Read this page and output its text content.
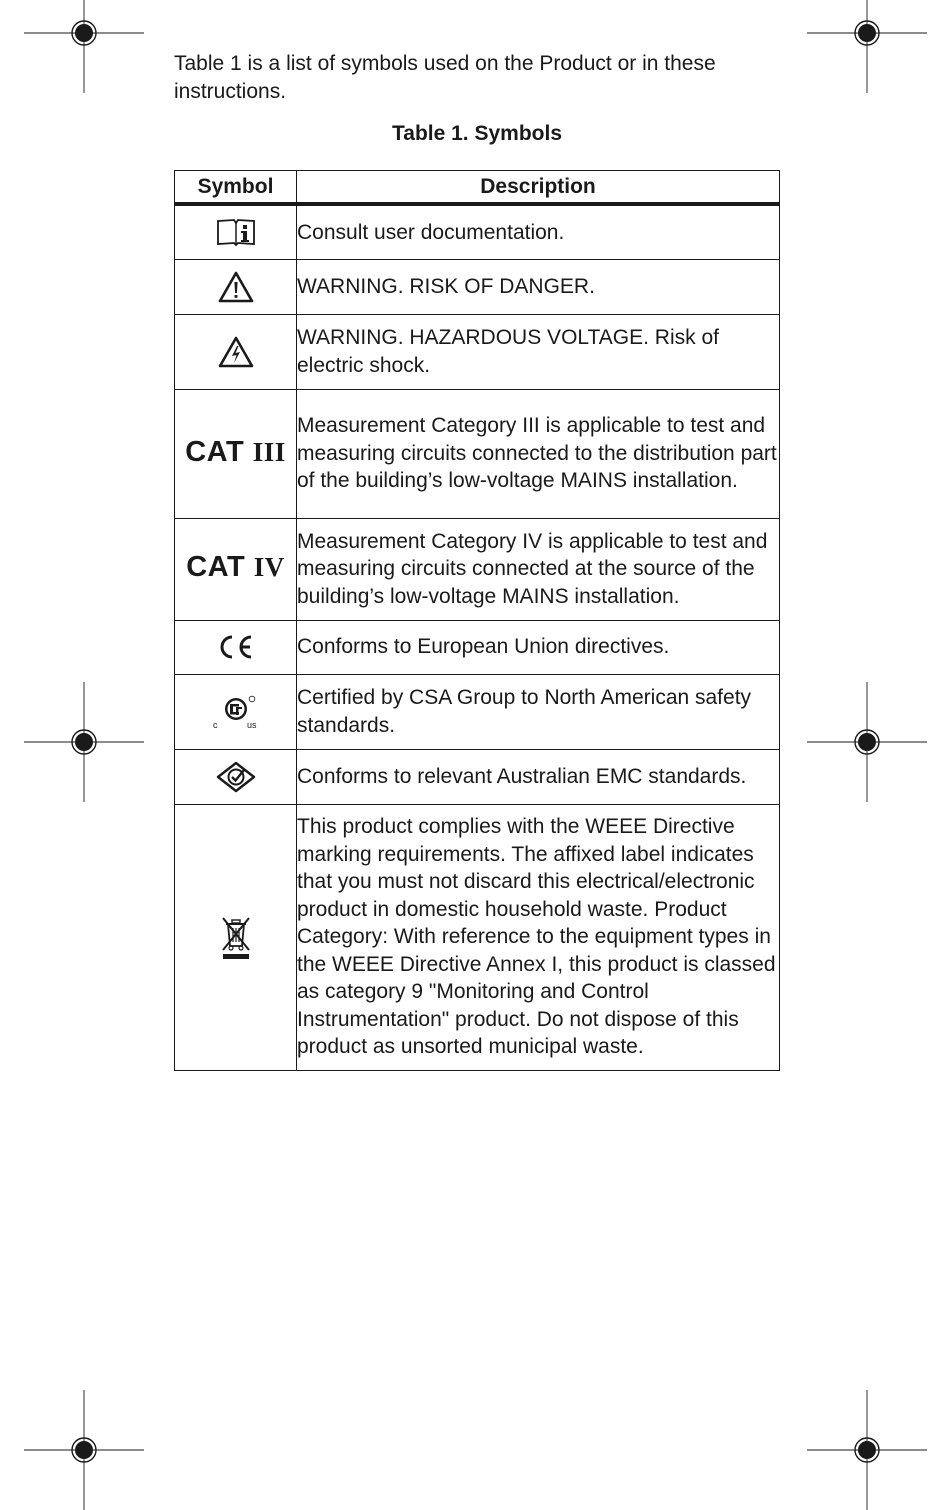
Table 1 is a list of symbols used on the Product or in these instructions.

Table 1. Symbols

Symbol	Description

	Consult user documentation.

	WARNING. RISK OF DANGER.

	WARNING. HAZARDOUS VOLTAGE. Risk of electric shock.
CAT III	Measurement Category III is applicable to test and measuring circuits connected to the distribution part of the building’s low-voltage MAINS installation.
CAT IV	Measurement Category IV is applicable to test and measuring circuits connected at the source of the building’s low-voltage MAINS installation.

	Conforms to European Union directives.

c us	Certified by CSA Group to North American safety standards.

	Conforms to relevant Australian EMC standards.

	This product complies with the WEEE Directive marking requirements. The affixed label indicates that you must not discard this electrical/electronic product in domestic household waste. Product Category: With reference to the equipment types in the WEEE Directive Annex I, this product is classed as category 9 "Monitoring and Control Instrumentation" product. Do not dispose of this product as unsorted municipal waste.
